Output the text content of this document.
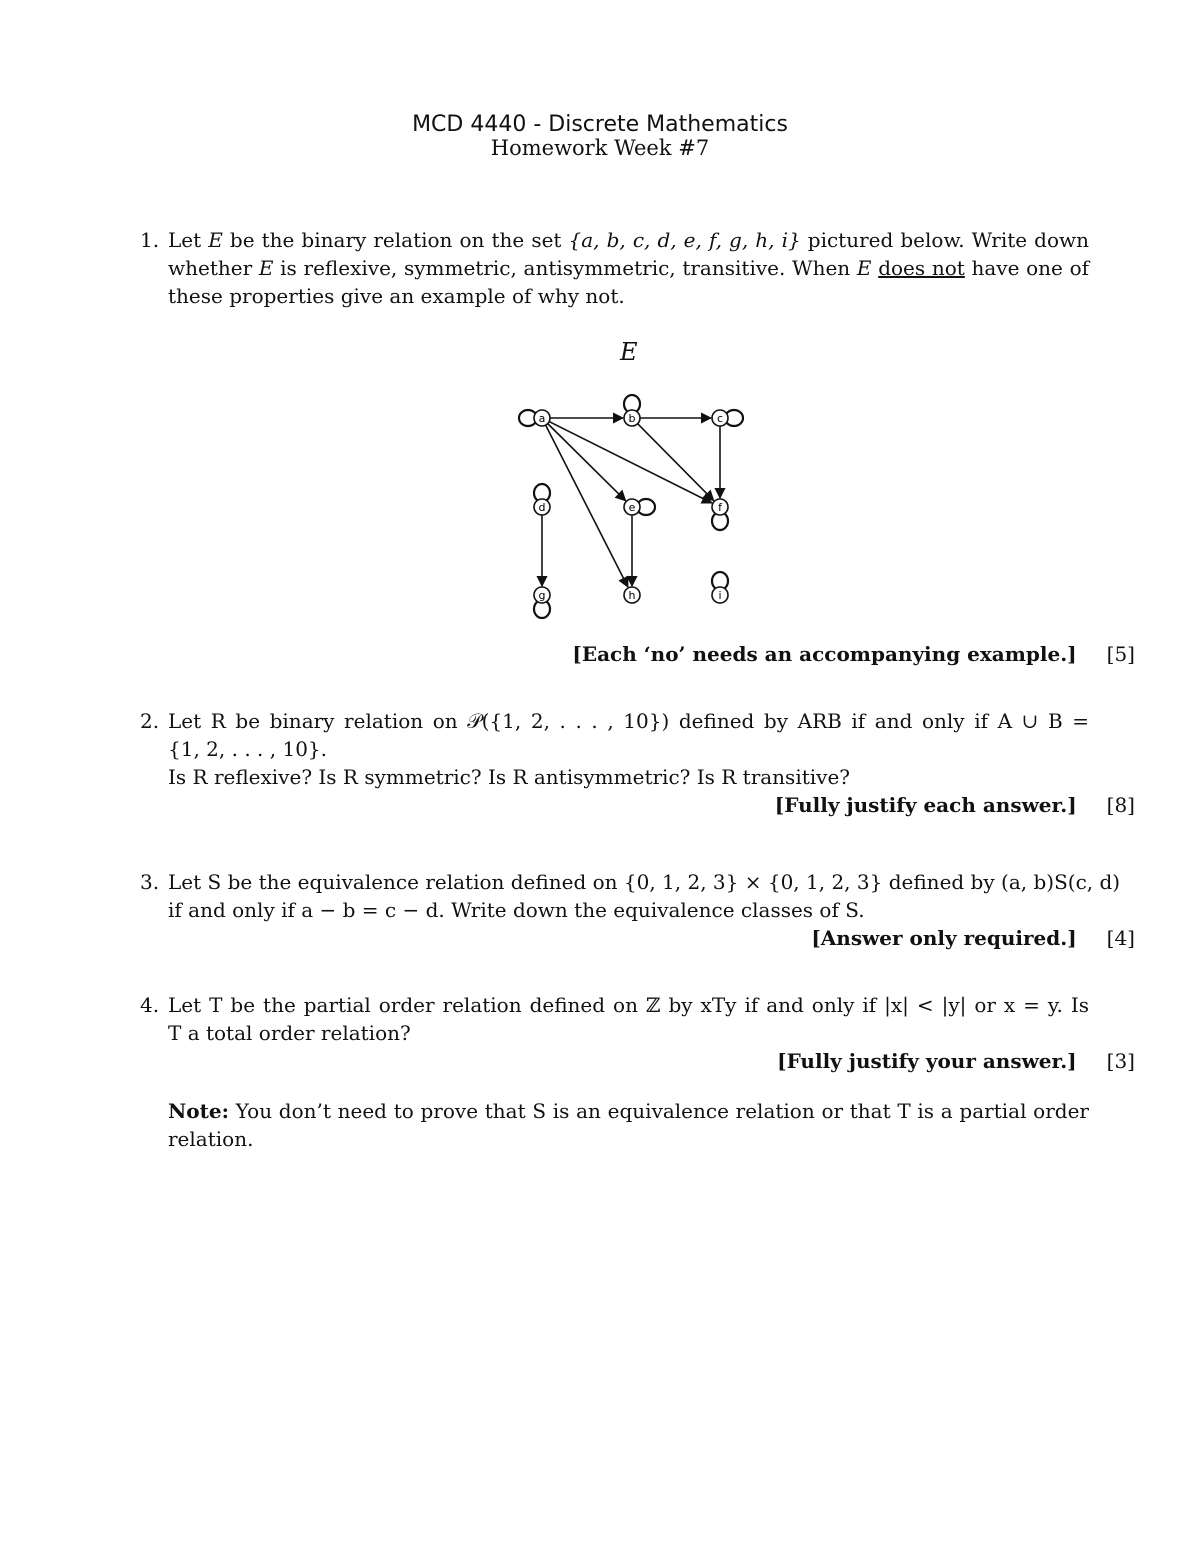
MCD 4440 - Discrete Mathematics
Homework Week #7
1. Let E be the binary relation on the set {a, b, c, d, e, f, g, h, i} pictured below. Write down
whether E is reflexive, symmetric, antisymmetric, transitive. When E does not have one of
these properties give an example of why not.
E
a	b	c
d	e	f
g	h	i
[Each ‘no’ needs an accompanying example.] [5]
2. Let R be binary relation on 𝒫({1, 2, . . . , 10}) defined by ARB if and only if A ∪ B =
{1, 2, . . . , 10}.
Is R reflexive? Is R symmetric? Is R antisymmetric? Is R transitive?
[Fully justify each answer.] [8]
3. Let S be the equivalence relation defined on {0, 1, 2, 3} × {0, 1, 2, 3} defined by (a, b)S(c, d)
if and only if a − b = c − d. Write down the equivalence classes of S.
[Answer only required.] [4]
4. Let T be the partial order relation defined on ℤ by xTy if and only if |x| < |y| or x = y. Is
T a total order relation?
[Fully justify your answer.] [3]
Note: You don’t need to prove that S is an equivalence relation or that T is a partial order
relation.
